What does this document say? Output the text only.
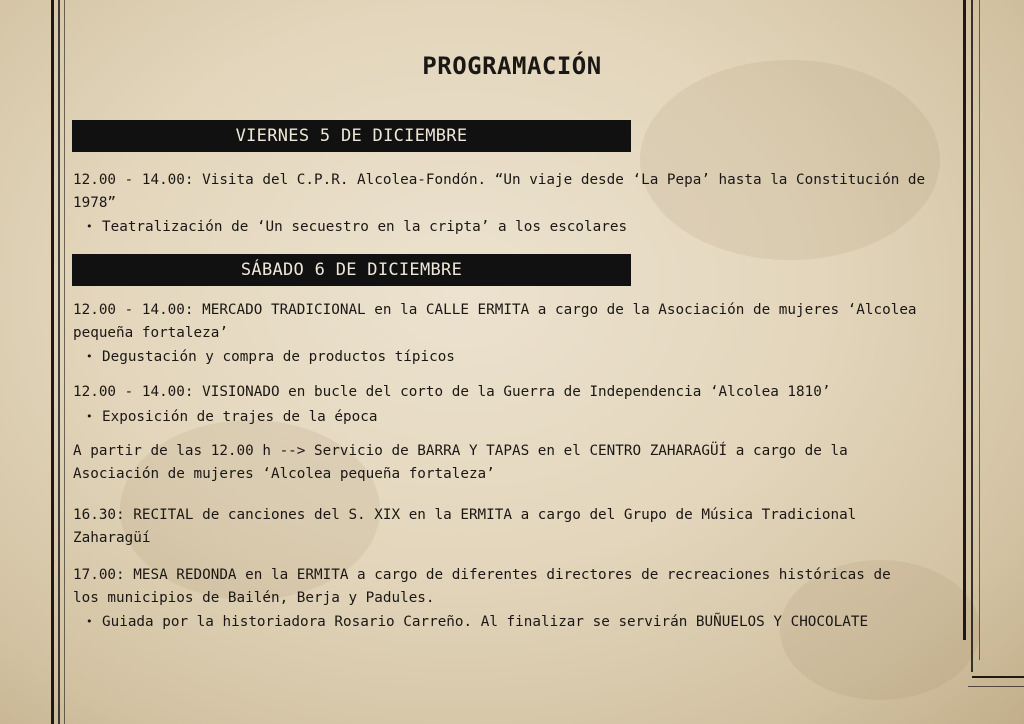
PROGRAMACIÓN
VIERNES 5 DE DICIEMBRE
12.00 - 14.00: Visita del C.P.R. Alcolea-Fondón. “Un viaje desde ‘La Pepa’ hasta la Constitución de
1978”
• Teatralización de ‘Un secuestro en la cripta’ a los escolares
SÁBADO 6 DE DICIEMBRE
12.00 - 14.00: MERCADO TRADICIONAL en la CALLE ERMITA a cargo de la Asociación de mujeres ‘Alcolea
pequeña fortaleza’
• Degustación y compra de productos típicos
12.00 - 14.00: VISIONADO en bucle del corto de la Guerra de Independencia ‘Alcolea 1810’
• Exposición de trajes de la época
A partir de las 12.00 h --> Servicio de BARRA Y TAPAS en el CENTRO ZAHARAGÜÍ a cargo de la
Asociación de mujeres ‘Alcolea pequeña fortaleza’
16.30: RECITAL de canciones del S. XIX en la ERMITA a cargo del Grupo de Música Tradicional
Zaharagüí
17.00: MESA REDONDA en la ERMITA a cargo de diferentes directores de recreaciones históricas de
los municipios de Bailén, Berja y Padules.
• Guiada por la historiadora Rosario Carreño. Al finalizar se servirán BUÑUELOS Y CHOCOLATE
